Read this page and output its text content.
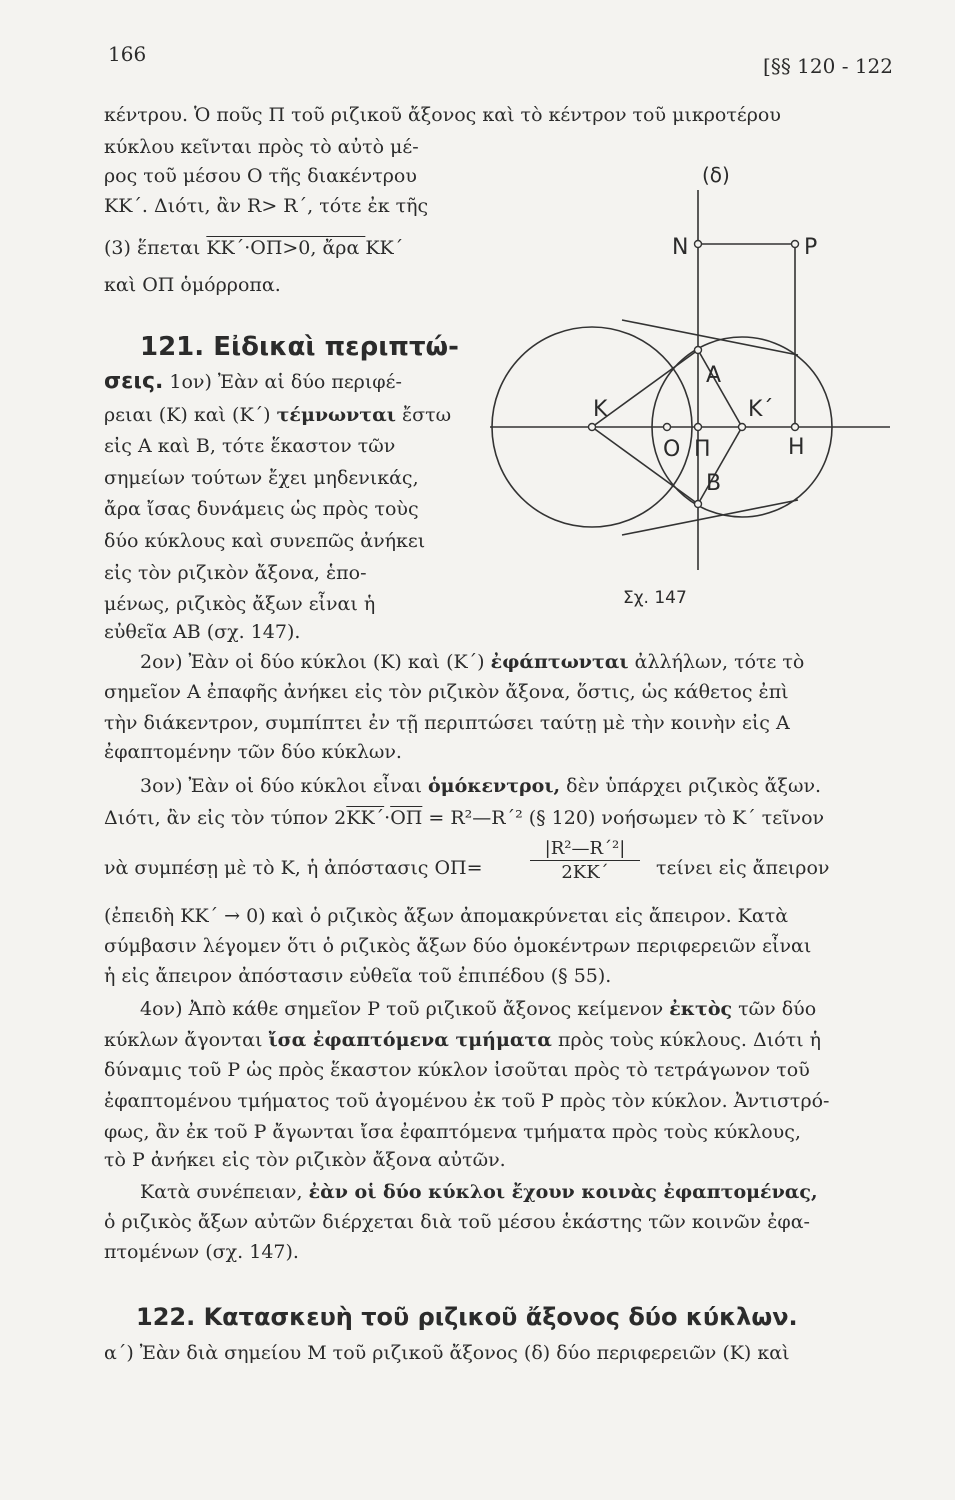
166	[§§ 120 - 122
κέντρου. Ὁ ποῦς Π τοῦ ριζικοῦ ἄξονος καὶ τὸ κέντρον τοῦ μικροτέρου
κύκλου κεῖνται πρὸς τὸ αὐτὸ μέ-
ρος τοῦ μέσου Ο τῆς διακέντρου
ΚΚ΄. Διότι, ἂν R> R΄, τότε ἐκ τῆς
(3) ἕπεται ΚΚ΄·ΟΠ>0, ἄρα ΚΚ΄
καὶ ΟΠ ὁμόρροπα.
121. Εἰδικαὶ περιπτώ-
σεις. 1ον) Ἐὰν αἱ δύο περιφέ-
ρειαι (Κ) καὶ (Κ΄) τέμνωνται ἔστω
εἰς Α καὶ Β, τότε ἕκαστον τῶν
σημείων τούτων ἔχει μηδενικάς,
ἄρα ἴσας δυνάμεις ὡς πρὸς τοὺς
δύο κύκλους καὶ συνεπῶς ἀνήκει
εἰς τὸν ριζικὸν ἄξονα, ἑπο-
μένως, ριζικὸς ἄξων εἶναι ἡ
εὐθεῖα ΑΒ (σχ. 147).
(δ)
N	P
A
K	K΄
O Π	H
B
Σχ. 147
2ον) Ἐὰν οἱ δύο κύκλοι (Κ) καὶ (Κ΄) ἐφάπτωνται ἀλλήλων, τότε τὸ
σημεῖον Α ἐπαφῆς ἀνήκει εἰς τὸν ριζικὸν ἄξονα, ὅστις, ὡς κάθετος ἐπὶ
τὴν διάκεντρον, συμπίπτει ἐν τῇ περιπτώσει ταύτῃ μὲ τὴν κοινὴν εἰς Α
ἐφαπτομένην τῶν δύο κύκλων.
3ον) Ἐὰν οἱ δύο κύκλοι εἶναι ὁμόκεντροι, δὲν ὑπάρχει ριζικὸς ἄξων.
Διότι, ἂν εἰς τὸν τύπον $2\overline{KK΄}\cdot\overline{O\Pi}$ = R²—R΄² (§ 120) νοήσωμεν τὸ Κ΄ τεῖνον
νὰ συμπέσῃ μὲ τὸ Κ, ἡ ἀπόστασις ΟΠ=	$\frac{\text{|R²—R΄²|}}{2KK΄}$ τείνει εἰς ἄπειρον
(ἐπειδὴ ΚΚ΄ → 0) καὶ ὁ ριζικὸς ἄξων ἀπομακρύνεται εἰς ἄπειρον. Κατὰ
σύμβασιν λέγομεν ὅτι ὁ ριζικὸς ἄξων δύο ὁμοκέντρων περιφερειῶν εἶναι
ἡ εἰς ἄπειρον ἀπόστασιν εὐθεῖα τοῦ ἐπιπέδου (§ 55).
4ον) Ἀπὸ κάθε σημεῖον Ρ τοῦ ριζικοῦ ἄξονος κείμενον ἐκτὸς τῶν δύο
κύκλων ἄγονται ἴσα ἐφαπτόμενα τμήματα πρὸς τοὺς κύκλους. Διότι ἡ
δύναμις τοῦ Ρ ὡς πρὸς ἕκαστον κύκλον ἰσοῦται πρὸς τὸ τετράγωνον τοῦ
ἐφαπτομένου τμήματος τοῦ ἀγομένου ἐκ τοῦ Ρ πρὸς τὸν κύκλον. Ἀντιστρό-
φως, ἂν ἐκ τοῦ Ρ ἄγωνται ἴσα ἐφαπτόμενα τμήματα πρὸς τοὺς κύκλους,
τὸ Ρ ἀνήκει εἰς τὸν ριζικὸν ἄξονα αὐτῶν.
Κατὰ συνέπειαν, ἐὰν οἱ δύο κύκλοι ἔχουν κοινὰς ἐφαπτομένας,
ὁ ριζικὸς ἄξων αὐτῶν διέρχεται διὰ τοῦ μέσου ἑκάστης τῶν κοινῶν ἐφα-
πτομένων (σχ. 147).
122. Κατασκευὴ τοῦ ριζικοῦ ἄξονος δύο κύκλων.
α΄) Ἐὰν διὰ σημείου Μ τοῦ ριζικοῦ ἄξονος (δ) δύο περιφερειῶν (Κ) καὶ
